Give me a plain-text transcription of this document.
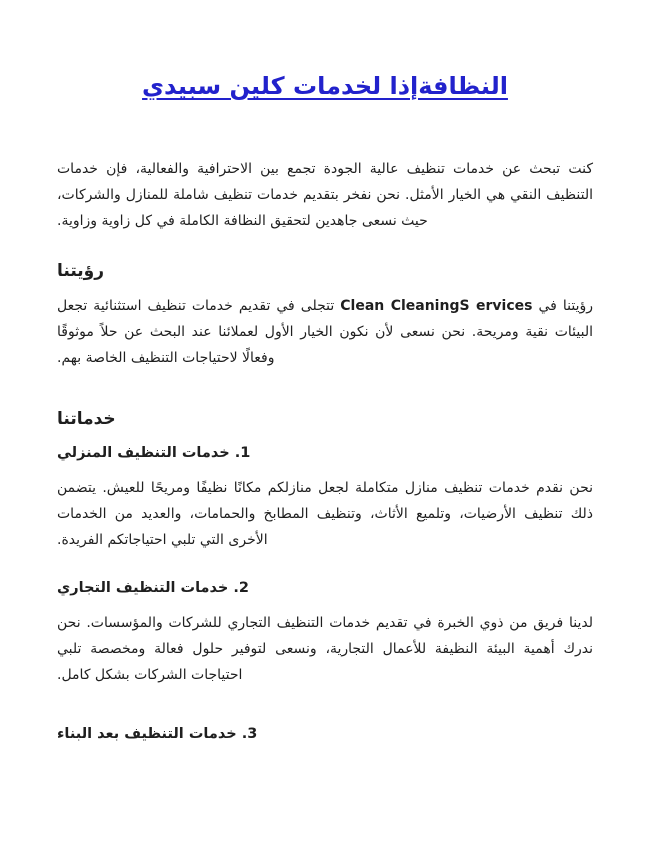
النظافةإذا لخدمات كلين سبيدي

كنت تبحث عن خدمات تنظيف عالية الجودة تجمع بين الاحترافية والفعالية، فإن خدمات التنظيف النقي هي الخيار الأمثل. نحن نفخر بتقديم خدمات تنظيف شاملة للمنازل والشركات، حيث نسعى جاهدين لتحقيق النظافة الكاملة في كل زاوية وزاوية.

رؤيتنا

رؤيتنا في Clean CleaningS ervices تتجلى في تقديم خدمات تنظيف استثنائية تجعل البيئات نقية ومريحة. نحن نسعى لأن نكون الخيار الأول لعملائنا عند البحث عن حلاً موثوقًا وفعالًا لاحتياجات التنظيف الخاصة بهم.

خدماتنا
1. خدمات التنظيف المنزلي

نحن نقدم خدمات تنظيف منازل متكاملة لجعل منازلكم مكانًا نظيفًا ومريحًا للعيش. يتضمن ذلك تنظيف الأرضيات، وتلميع الأثاث، وتنظيف المطابخ والحمامات، والعديد من الخدمات الأخرى التي تلبي احتياجاتكم الفريدة.

2. خدمات التنظيف التجاري

لدينا فريق من ذوي الخبرة في تقديم خدمات التنظيف التجاري للشركات والمؤسسات. نحن ندرك أهمية البيئة النظيفة للأعمال التجارية، ونسعى لتوفير حلول فعالة ومخصصة تلبي احتياجات الشركات بشكل كامل.

3. خدمات التنظيف بعد البناء
